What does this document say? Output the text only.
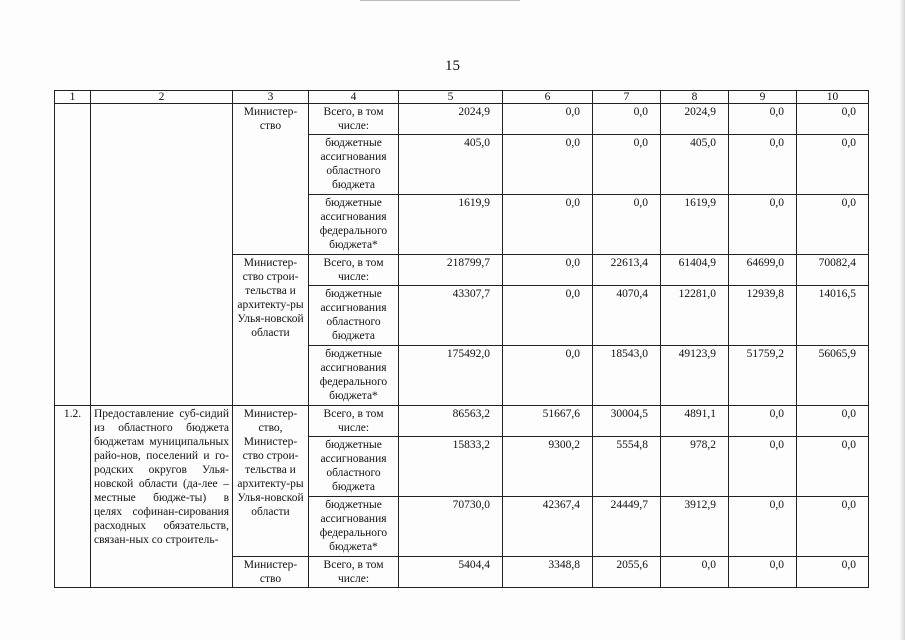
15
1	2	3	4	5	6	7	8	9	10
		Министер-ство	Всего, в том числе:	2024,9	0,0	0,0	2024,9	0,0	0,0
			бюджетные ассигнования областного бюджета	405,0	0,0	0,0	405,0	0,0	0,0
			бюджетные ассигнования федерального бюджета*	1619,9	0,0	0,0	1619,9	0,0	0,0
		Министер-ство строи-тельства и архитекту-ры Улья-новской области	Всего, в том числе:	218799,7	0,0	22613,4	61404,9	64699,0	70082,4
			бюджетные ассигнования областного бюджета	43307,7	0,0	4070,4	12281,0	12939,8	14016,5
			бюджетные ассигнования федерального бюджета*	175492,0	0,0	18543,0	49123,9	51759,2	56065,9
1.2.	Предоставление суб-сидий из областного бюджета бюджетам муниципальных райо-нов, поселений и го-родских округов Улья-новской области (да-лее – местные бюдже-ты) в целях софинан-сирования расходных обязательств, связан-ных со строитель-	Министер-ство, Министер-ство строи-тельства и архитекту-ры Улья-новской области	Всего, в том числе:	86563,2	51667,6	30004,5	4891,1	0,0	0,0
			бюджетные ассигнования областного бюджета	15833,2	9300,2	5554,8	978,2	0,0	0,0
			бюджетные ассигнования федерального бюджета*	70730,0	42367,4	24449,7	3912,9	0,0	0,0
		Министер-ство	Всего, в том числе:	5404,4	3348,8	2055,6	0,0	0,0	0,0
